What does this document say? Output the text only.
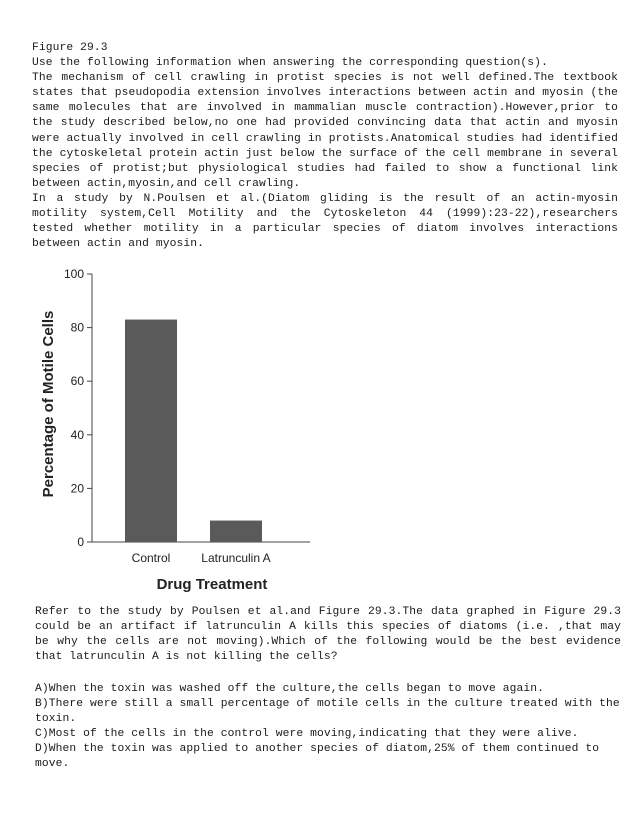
Figure 29.3

Use the following information when answering the corresponding question(s).

The mechanism of cell crawling in protist species is not well defined.The textbook states that pseudopodia extension involves interactions between actin and myosin (the same molecules that are involved in mammalian muscle contraction).However,prior to the study described below,no one had provided convincing data that actin and myosin were actually involved in cell crawling in protists.Anatomical studies had identified the cytoskeletal protein actin just below the surface of the cell membrane in several species of protist;but physiological studies had failed to show a functional link between actin,myosin,and cell crawling.

In a study by N.Poulsen et al.(Diatom gliding is the result of an actin-myosin motility system,Cell Motility and the Cytoskeleton 44 (1999):23-22),researchers tested whether motility in a particular species of diatom involves interactions between actin and myosin.

0
20
40
60
80
100
Control	Latrunculin A
Percentage of Motile Cells
Drug Treatment

Refer to the study by Poulsen et al.and Figure 29.3.The data graphed in Figure 29.3 could be an artifact if latrunculin A kills this species of diatoms (i.e. ,that may be why the cells are not moving).Which of the following would be the best evidence that latrunculin A is not killing the cells?

A)When the toxin was washed off the culture,the cells began to move again.
B)There were still a small percentage of motile cells in the culture treated with the toxin.
C)Most of the cells in the control were moving,indicating that they were alive.
D)When the toxin was applied to another species of diatom,25% of them continued to move.
